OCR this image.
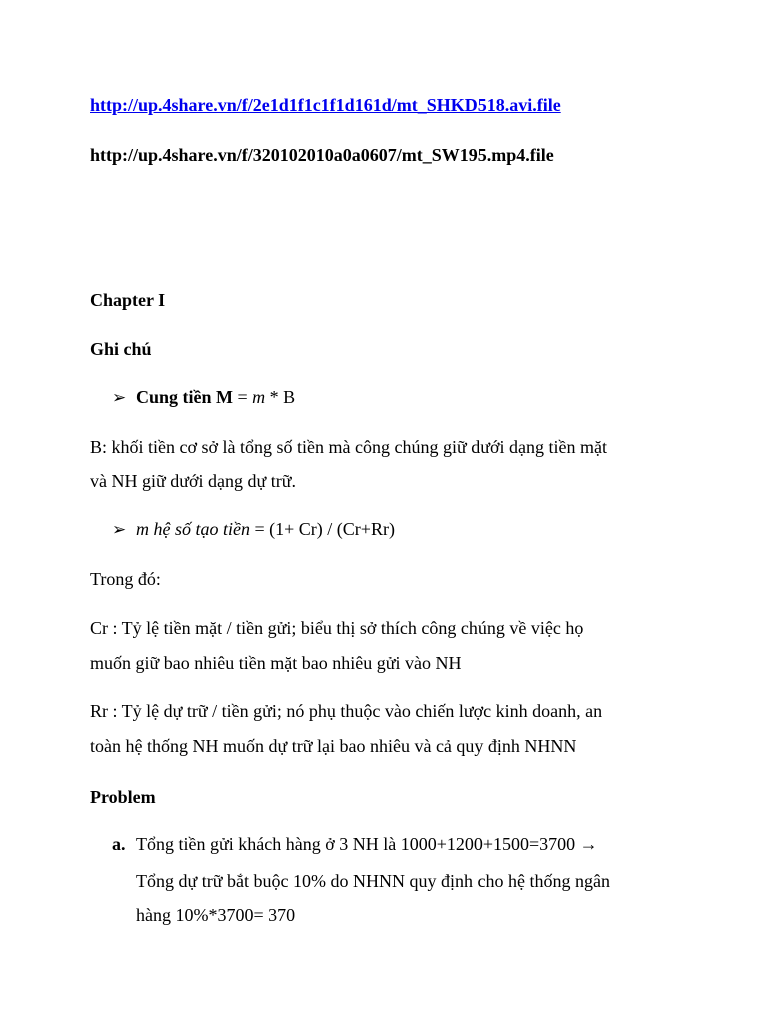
http://up.4share.vn/f/2e1d1f1c1f1d161d/mt_SHKD518.avi.file
http://up.4share.vn/f/320102010a0a0607/mt_SW195.mp4.file
Chapter I
Ghi chú
➢ Cung tiền M = m * B
B: khối tiền cơ sở là tổng số tiền mà công chúng giữ dưới dạng tiền mặt
và NH giữ dưới dạng dự trữ.
➢ m hệ số tạo tiền = (1+ Cr) / (Cr+Rr)
Trong đó:
Cr : Tỷ lệ tiền mặt / tiền gửi; biểu thị sở thích công chúng về việc họ
muốn giữ bao nhiêu tiền mặt bao nhiêu gửi vào NH
Rr : Tỷ lệ dự trữ / tiền gửi; nó phụ thuộc vào chiến lược kinh doanh, an
toàn hệ thống NH muốn dự trữ lại bao nhiêu và cả quy định NHNN
Problem
a. Tổng tiền gửi khách hàng ở 3 NH là 1000+1200+1500=3700 →
Tổng dự trữ bắt buộc 10% do NHNN quy định cho hệ thống ngân
hàng 10%*3700= 370
